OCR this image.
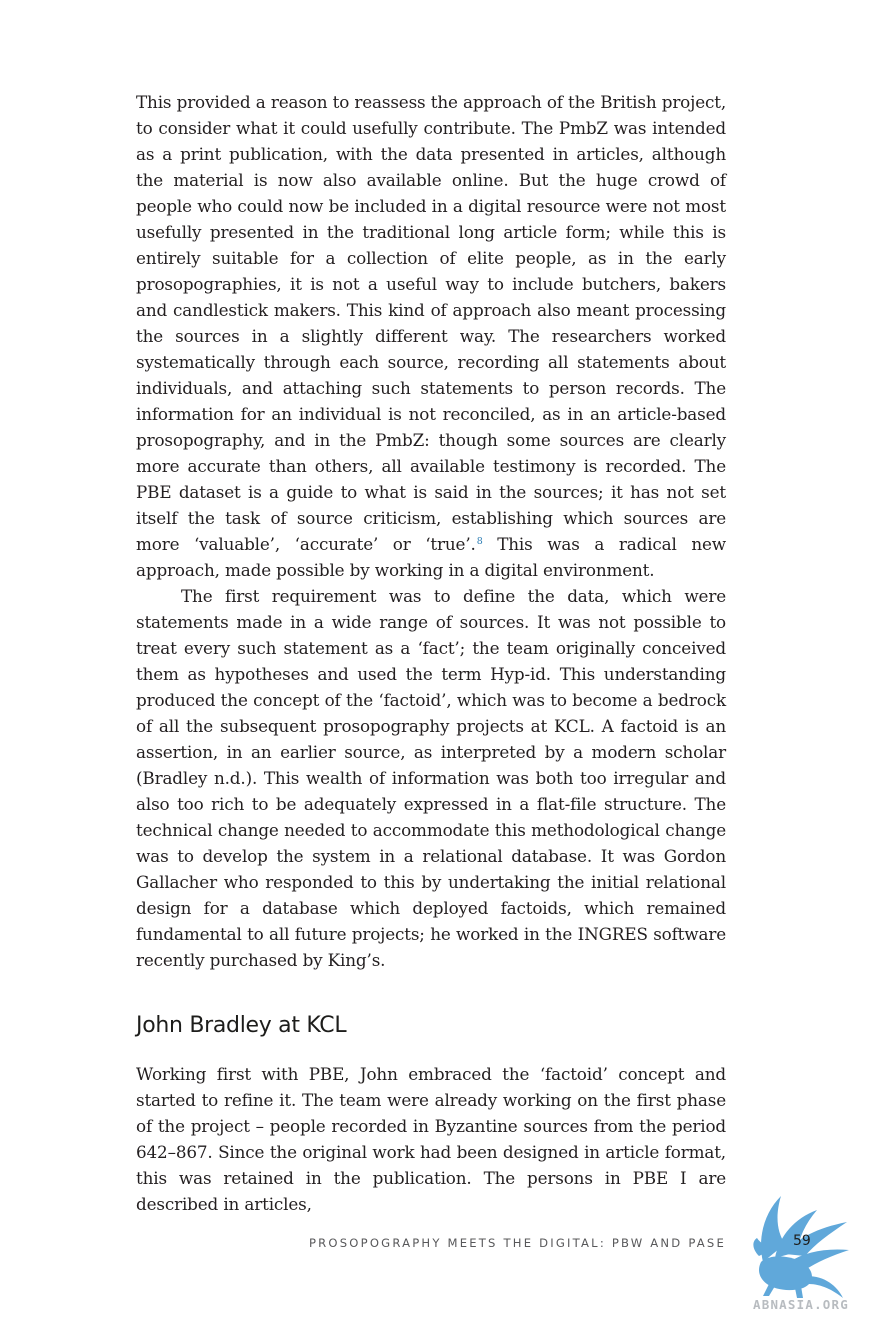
This provided a reason to reassess the approach of the British project, to consider what it could usefully contribute. The PmbZ was intended as a print publication, with the data presented in articles, although the material is now also available online. But the huge crowd of people who could now be included in a digital resource were not most usefully presented in the traditional long article form; while this is entirely suitable for a collection of elite people, as in the early prosopographies, it is not a useful way to include butchers, bakers and candlestick makers. This kind of approach also meant processing the sources in a slightly different way. The researchers worked systematically through each source, recording all statements about individuals, and attaching such statements to person records. The information for an individual is not reconciled, as in an article-based prosopography, and in the PmbZ: though some sources are clearly more accurate than others, all available testimony is recorded. The PBE dataset is a guide to what is said in the sources; it has not set itself the task of source criticism, establishing which sources are more ‘valuable’, ‘accurate’ or ‘true’.$^8$ This was a radical new approach, made possible by working in a digital environment.

The first requirement was to define the data, which were statements made in a wide range of sources. It was not possible to treat every such statement as a ‘fact’; the team originally conceived them as hypotheses and used the term Hyp-id. This understanding produced the concept of the ‘factoid’, which was to become a bedrock of all the subsequent prosopography projects at KCL. A factoid is an assertion, in an earlier source, as interpreted by a modern scholar (Bradley n.d.). This wealth of information was both too irregular and also too rich to be adequately expressed in a flat-file structure. The technical change needed to accommodate this methodological change was to develop the system in a relational database. It was Gordon Gallacher who responded to this by undertaking the initial relational design for a database which deployed factoids, which remained fundamental to all future projects; he worked in the INGRES software recently purchased by King’s.

John Bradley at KCL

Working first with PBE, John embraced the ‘factoid’ concept and started to refine it. The team were already working on the first phase of the project – people recorded in Byzantine sources from the period 642–867. Since the original work had been designed in article format, this was retained in the publication. The persons in PBE I are described in articles,

PROSOPOGRAPHY MEETS THE DIGITAL: PBW AND PASE	59
ABNASIA.ORG
